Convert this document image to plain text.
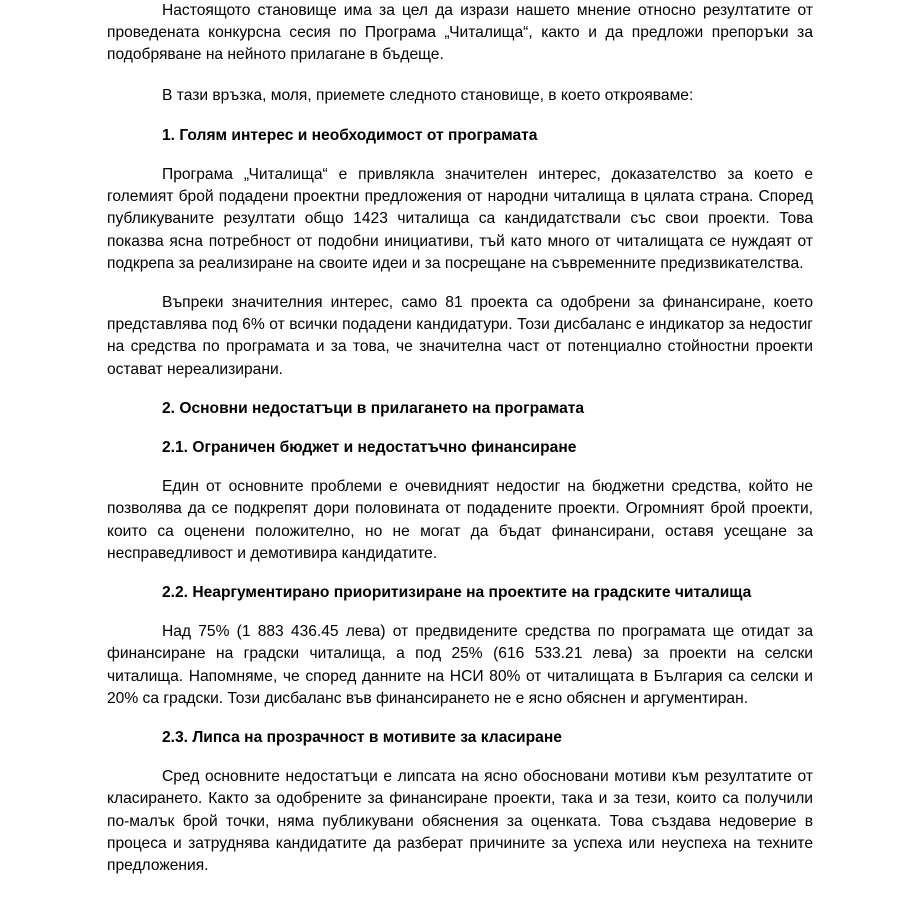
Настоящото становище има за цел да изрази нашето мнение относно резултатите от проведената конкурсна сесия по Програма „Читалища“, както и да предложи препоръки за подобряване на нейното прилагане в бъдеще.

В тази връзка, моля, приемете следното становище, в което открояваме:

1. Голям интерес и необходимост от програмата

Програма „Читалища“ е привлякла значителен интерес, доказателство за което е големият брой подадени проектни предложения от народни читалища в цялата страна. Според публикуваните резултати общо 1423 читалища са кандидатствали със свои проекти. Това показва ясна потребност от подобни инициативи, тъй като много от читалищата се нуждаят от подкрепа за реализиране на своите идеи и за посрещане на съвременните предизвикателства.

Въпреки значителния интерес, само 81 проекта са одобрени за финансиране, което представлява под 6% от всички подадени кандидатури. Този дисбаланс е индикатор за недостиг на средства по програмата и за това, че значителна част от потенциално стойностни проекти остават нереализирани.

2. Основни недостатъци в прилагането на програмата

2.1. Ограничен бюджет и недостатъчно финансиране

Един от основните проблеми е очевидният недостиг на бюджетни средства, който не позволява да се подкрепят дори половината от подадените проекти. Огромният брой проекти, които са оценени положително, но не могат да бъдат финансирани, оставя усещане за несправедливост и демотивира кандидатите.

2.2. Неаргументирано приоритизиране на проектите на градските читалища

Над 75% (1 883 436.45 лева) от предвидените средства по програмата ще отидат за финансиране на градски читалища, а под 25% (616 533.21 лева) за проекти на селски читалища. Напомняме, че според данните на НСИ 80% от читалищата в България са селски и 20% са градски. Този дисбаланс във финансирането не е ясно обяснен и аргументиран.

2.3. Липса на прозрачност в мотивите за класиране

Сред основните недостатъци е липсата на ясно обосновани мотиви към резултатите от класирането. Както за одобрените за финансиране проекти, така и за тези, които са получили по-малък брой точки, няма публикувани обяснения за оценката. Това създава недоверие в процеса и затруднява кандидатите да разберат причините за успеха или неуспеха на техните предложения.
